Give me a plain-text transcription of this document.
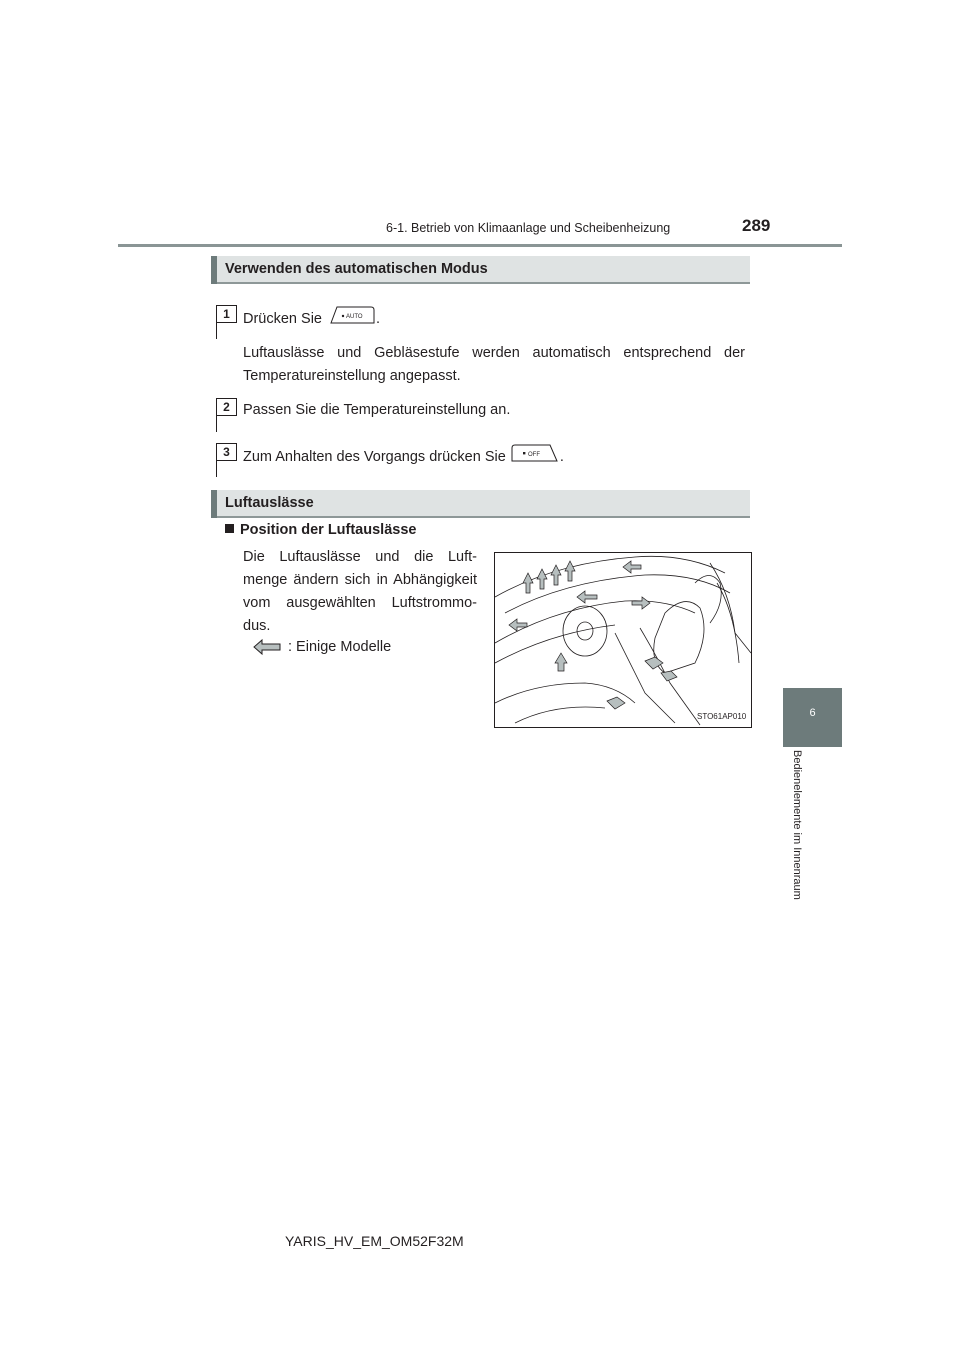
6-1. Betrieb von Klimaanlage und Scheibenheizung	289
6
Bedienelemente im Innenraum
Verwenden des automatischen Modus
1 Drücken Sie	AUTO .
Luftauslässe und Gebläsestufe werden automatisch entsprechend der
Temperatureinstellung angepasst.
2 Passen Sie die Temperatureinstellung an.
3 Zum Anhalten des Vorgangs drücken Sie	OFF .
Luftauslässe
Position der Luftauslässe
Die Luftauslässe und die Luft-
menge ändern sich in Abhängigkeit
vom ausgewählten Luftstrommo-
dus.
: Einige Modelle
STO61AP010
YARIS_HV_EM_OM52F32M
